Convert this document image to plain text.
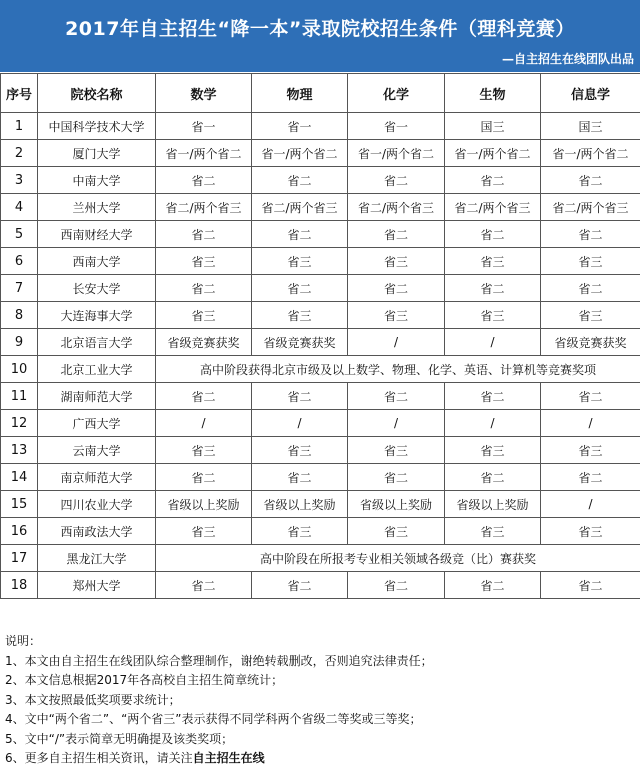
2017年自主招生“降一本”录取院校招生条件（理科竞赛）
—自主招生在线团队出品
序号	院校名称	数学	物理	化学	生物	信息学
1	中国科学技术大学	省一	省一	省一	国三	国三
2	厦门大学	省一/两个省二	省一/两个省二	省一/两个省二	省一/两个省二	省一/两个省二
3	中南大学	省二	省二	省二	省二	省二
4	兰州大学	省二/两个省三	省二/两个省三	省二/两个省三	省二/两个省三	省二/两个省三
5	西南财经大学	省二	省二	省二	省二	省二
6	西南大学	省三	省三	省三	省三	省三
7	长安大学	省二	省二	省二	省二	省二
8	大连海事大学	省三	省三	省三	省三	省三
9	北京语言大学	省级竞赛获奖	省级竞赛获奖	/	/	省级竞赛获奖
10	北京工业大学	高中阶段获得北京市级及以上数学、物理、化学、英语、计算机等竞赛奖项				
11	湖南师范大学	省二	省二	省二	省二	省二
12	广西大学	/	/	/	/	/
13	云南大学	省三	省三	省三	省三	省三
14	南京师范大学	省二	省二	省二	省二	省二
15	四川农业大学	省级以上奖励	省级以上奖励	省级以上奖励	省级以上奖励	/
16	西南政法大学	省三	省三	省三	省三	省三
17	黑龙江大学	高中阶段在所报考专业相关领域各级竞（比）赛获奖				
18	郑州大学	省二	省二	省二	省二	省二
说明：
1、本文由自主招生在线团队综合整理制作，谢绝转载删改，否则追究法律责任；
2、本文信息根据2017年各高校自主招生简章统计；
3、本文按照最低奖项要求统计；
4、文中“两个省二”、“两个省三”表示获得不同学科两个省级二等奖或三等奖；
5、文中“/”表示简章无明确提及该类奖项；
6、更多自主招生相关资讯，请关注自主招生在线
